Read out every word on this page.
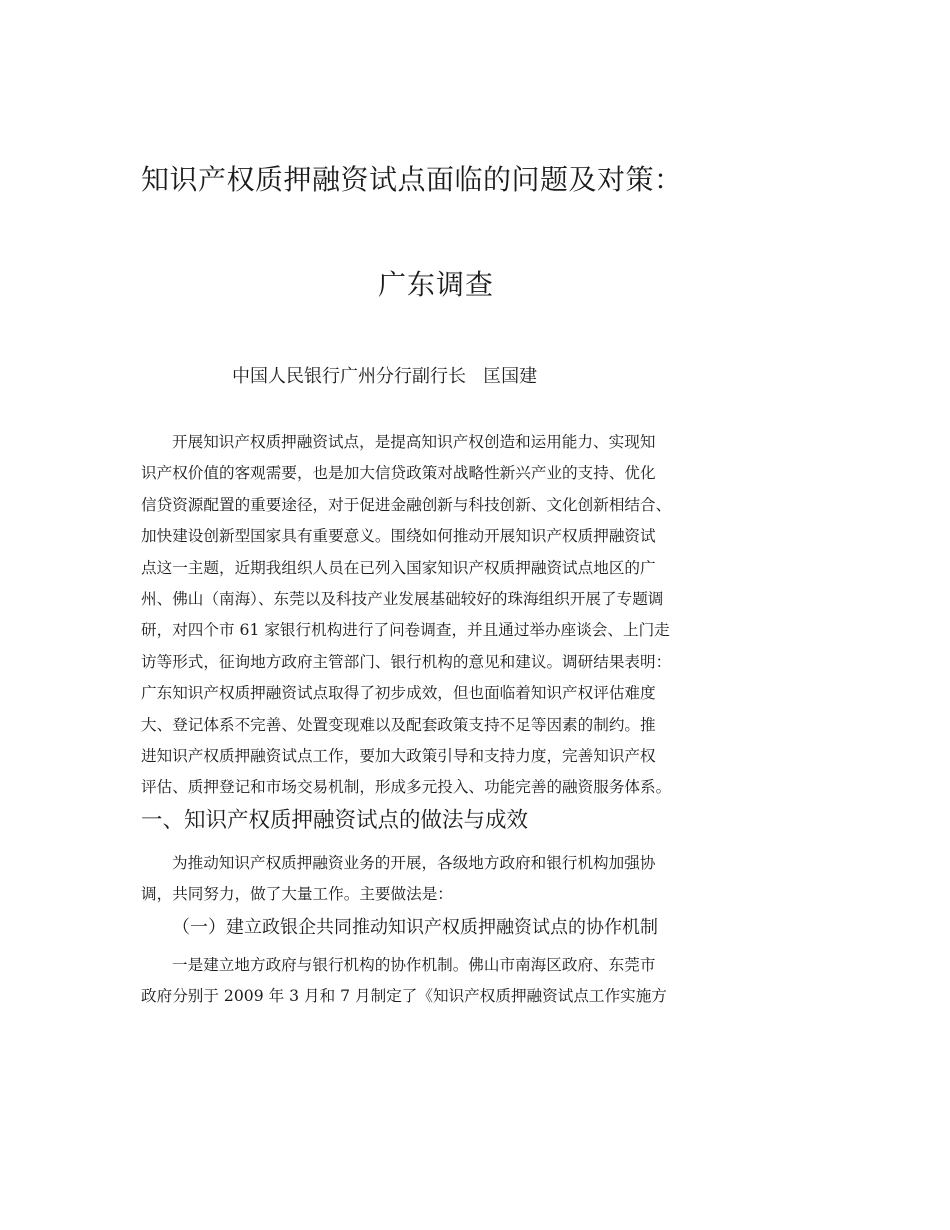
知识产权质押融资试点面临的问题及对策：
广东调查

中国人民银行广州分行副行长   匡国建

开展知识产权质押融资试点，是提高知识产权创造和运用能力、实现知
识产权价值的客观需要，也是加大信贷政策对战略性新兴产业的支持、优化
信贷资源配置的重要途径，对于促进金融创新与科技创新、文化创新相结合、
加快建设创新型国家具有重要意义。围绕如何推动开展知识产权质押融资试
点这一主题，近期我组织人员在已列入国家知识产权质押融资试点地区的广
州、佛山（南海）、东莞以及科技产业发展基础较好的珠海组织开展了专题调
研，对四个市 61 家银行机构进行了问卷调查，并且通过举办座谈会、上门走
访等形式，征询地方政府主管部门、银行机构的意见和建议。调研结果表明：
广东知识产权质押融资试点取得了初步成效，但也面临着知识产权评估难度
大、登记体系不完善、处置变现难以及配套政策支持不足等因素的制约。推
进知识产权质押融资试点工作，要加大政策引导和支持力度，完善知识产权
评估、质押登记和市场交易机制，形成多元投入、功能完善的融资服务体系。
一、知识产权质押融资试点的做法与成效
为推动知识产权质押融资业务的开展，各级地方政府和银行机构加强协
调，共同努力，做了大量工作。主要做法是：
（一）建立政银企共同推动知识产权质押融资试点的协作机制
一是建立地方政府与银行机构的协作机制。佛山市南海区政府、东莞市
政府分别于 2009 年 3 月和 7 月制定了《知识产权质押融资试点工作实施方
